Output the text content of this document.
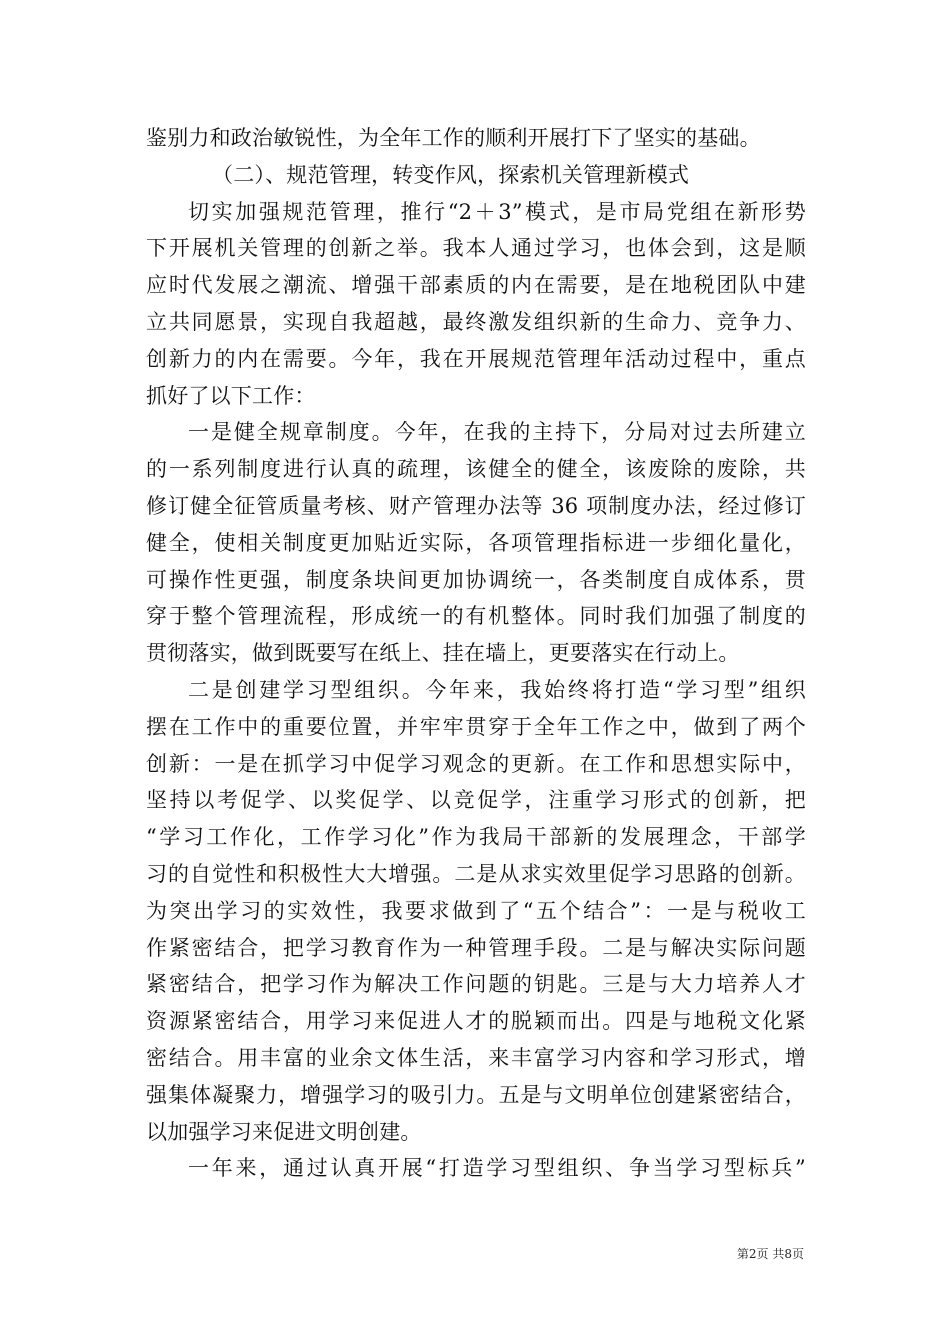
鉴别力和政治敏锐性，为全年工作的顺利开展打下了坚实的基础。
（二）、规范管理，转变作风，探索机关管理新模式
切实加强规范管理，推行“2＋3”模式，是市局党组在新形势
下开展机关管理的创新之举。我本人通过学习，也体会到，这是顺
应时代发展之潮流、增强干部素质的内在需要，是在地税团队中建
立共同愿景，实现自我超越，最终激发组织新的生命力、竞争力、
创新力的内在需要。今年，我在开展规范管理年活动过程中，重点
抓好了以下工作：
一是健全规章制度。今年，在我的主持下，分局对过去所建立
的一系列制度进行认真的疏理，该健全的健全，该废除的废除，共
修订健全征管质量考核、财产管理办法等 36 项制度办法，经过修订
健全，使相关制度更加贴近实际，各项管理指标进一步细化量化，
可操作性更强，制度条块间更加协调统一，各类制度自成体系，贯
穿于整个管理流程，形成统一的有机整体。同时我们加强了制度的
贯彻落实，做到既要写在纸上、挂在墙上，更要落实在行动上。
二是创建学习型组织。今年来，我始终将打造“学习型”组织
摆在工作中的重要位置，并牢牢贯穿于全年工作之中，做到了两个
创新：一是在抓学习中促学习观念的更新。在工作和思想实际中，
坚持以考促学、以奖促学、以竞促学，注重学习形式的创新，把
“学习工作化，工作学习化”作为我局干部新的发展理念，干部学
习的自觉性和积极性大大增强。二是从求实效里促学习思路的创新。
为突出学习的实效性，我要求做到了“五个结合”：一是与税收工
作紧密结合，把学习教育作为一种管理手段。二是与解决实际问题
紧密结合，把学习作为解决工作问题的钥匙。三是与大力培养人才
资源紧密结合，用学习来促进人才的脱颖而出。四是与地税文化紧
密结合。用丰富的业余文体生活，来丰富学习内容和学习形式，增
强集体凝聚力，增强学习的吸引力。五是与文明单位创建紧密结合，
以加强学习来促进文明创建。
一年来，通过认真开展“打造学习型组织、争当学习型标兵”
第2页 共8页
